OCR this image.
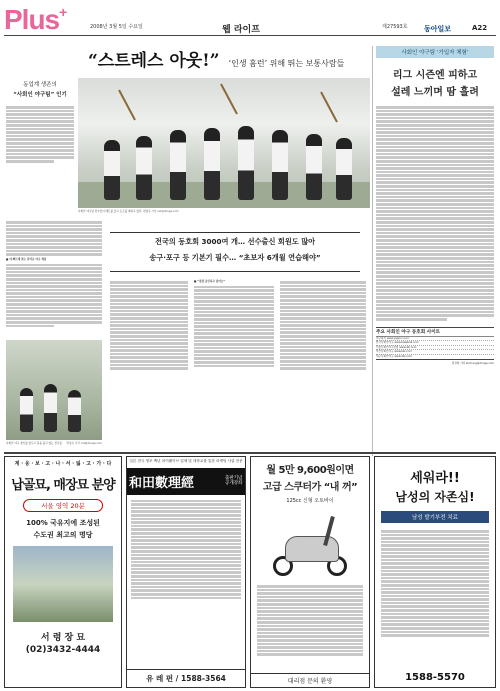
Plus+
2008년 3월 5일 수요일	웹 라이프	제27593호 동아일보	A22
“스트레스 아웃!” ‘인생 홈런’ 위해 뛰는 보통사람들
동업계 생존의
“사회인 야구팀” 인기
사회인 야구팀 선수들이 배트를 들고 포즈를 취하고 있다. 변영욱 기자 cut@donga.com
사회인 야구팀 ‘가입자 체험’
리그 시즌엔 피하고
설레 느끼며 땀 흘려
주요 사회인 야구 동호회 사이트
야구하자 www.yagoo.co.kr
한국사회인야구 www.baseball.or.kr
서울사회인야구연합 www.sbl.or.kr
부산사회인야구 www.bbl.or.kr
대구사회인야구 www.dbl.or.kr
정성희 기자 shchung@donga.com
■ 야 빠르게 찾는 즐거운 야구 게임
전국의 동호회 3000여 개… 선수출신 회원도 많아
송구·포구 등 기본기 필수… “초보자 6개월 연습해야”
■ “점점 올인하고 싶어요”
사회인 야구 경기를 앞두고 몸을 풀고 있는 선수들. 변영욱 기자 cut@donga.com
계 · 웅 · 보 · 고 · 나 · 서 · 잃 · 고 · 가 · 다
납골묘, 매장묘 분양
서울 영역 20분
100% 국유지에 조성된
수도권 최고의 명당
서 령 장 묘
(02)3432-4444
일본 전국 생조 백년 파이웨이브 업체 및 대학교를 통한 마케팅 사업 전문
和田數理經	출판기념 공개강좌
유 레 펀 / 1588-3564
월 5만 9,600원이면
고급 스쿠터가 “내 꺼”
125cc 신형 오토바이
대리점 문의 환영
세워라!!
남성의 자존심!
남성 발기부전 치료
1588-5570
